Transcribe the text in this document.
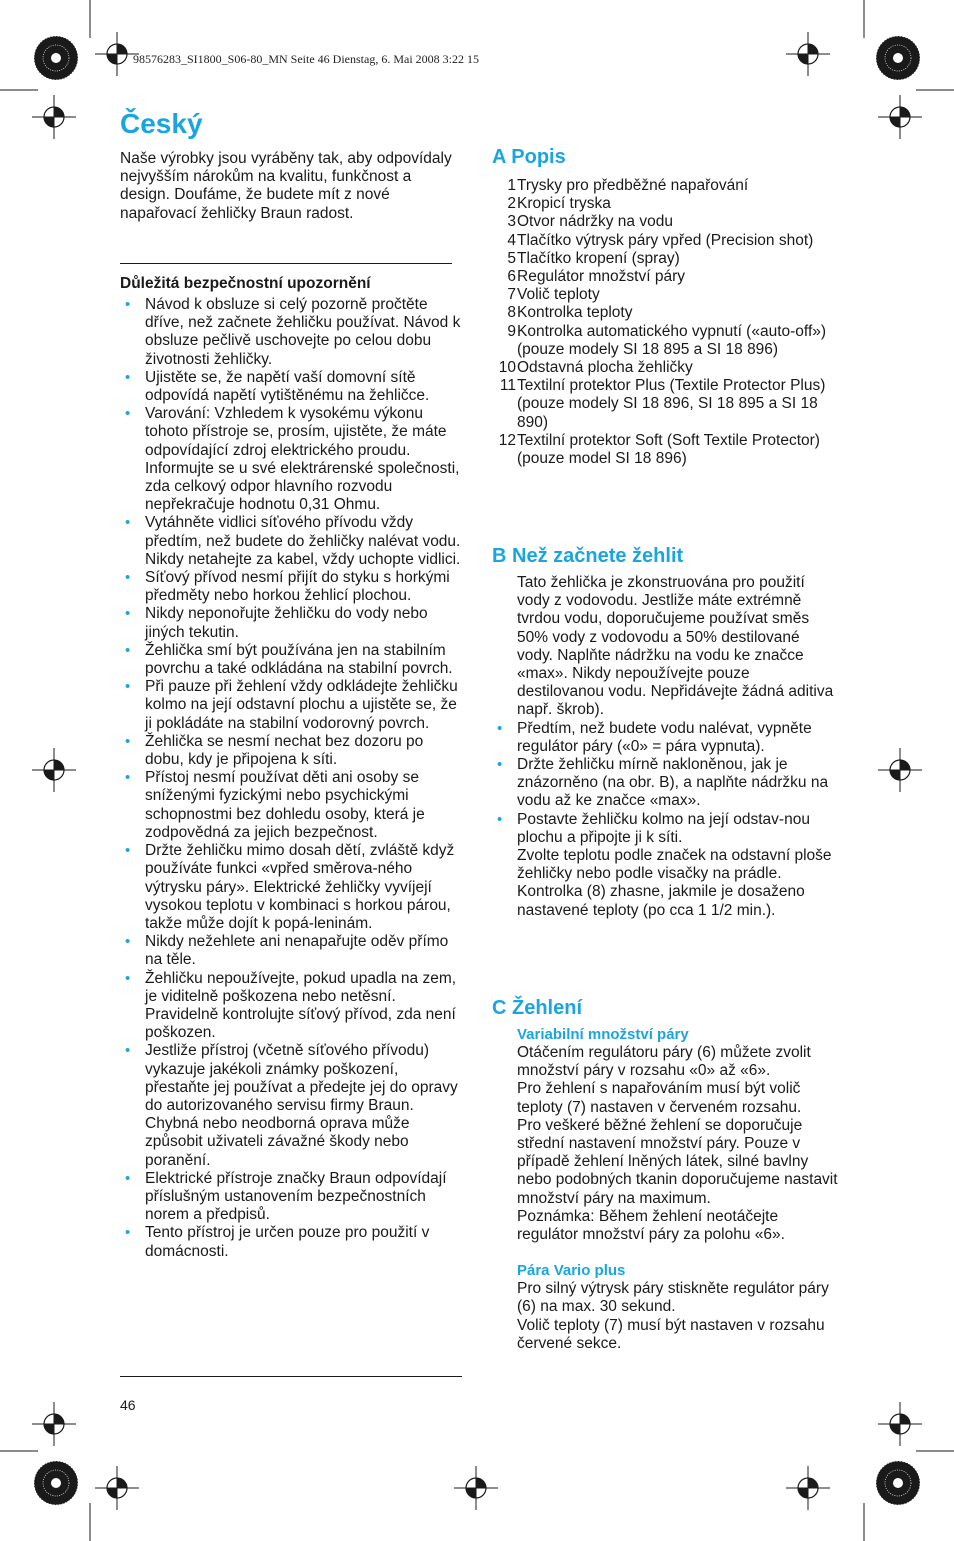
98576283_SI1800_S06-80_MN Seite 46 Dienstag, 6. Mai 2008 3:22 15
Český

Naše výrobky jsou vyráběny tak, aby odpovídaly nejvyšším nárokům na kvalitu, funkčnost a design. Doufáme, že budete mít z nové napařovací žehličky Braun radost.

Důležitá bezpečnostní upozornění
• Návod k obsluze si celý pozorně pročtěte dříve, než začnete žehličku používat. Návod k obsluze pečlivě uschovejte po celou dobu životnosti žehličky.
• Ujistěte se, že napětí vaší domovní sítě odpovídá napětí vytištěnému na žehličce.
• Varování: Vzhledem k vysokému výkonu tohoto přístroje se, prosím, ujistěte, že máte odpovídající zdroj elektrického proudu. Informujte se u své elektrárenské společnosti, zda celkový odpor hlavního rozvodu nepřekračuje hodnotu 0,31 Ohmu.
• Vytáhněte vidlici síťového přívodu vždy předtím, než budete do žehličky nalévat vodu. Nikdy netahejte za kabel, vždy uchopte vidlici.
• Síťový přívod nesmí přijít do styku s horkými předměty nebo horkou žehlicí plochou.
• Nikdy neponořujte žehličku do vody nebo jiných tekutin.
• Žehlička smí být používána jen na stabilním povrchu a také odkládána na stabilní povrch.
• Při pauze při žehlení vždy odkládejte žehličku kolmo na její odstavní plochu a ujistěte se, že ji pokládáte na stabilní vodorovný povrch.
• Žehlička se nesmí nechat bez dozoru po dobu, kdy je připojena k síti.
• Přístoj nesmí používat děti ani osoby se sníženými fyzickými nebo psychickými schopnostmi bez dohledu osoby, která je zodpovědná za jejich bezpečnost.
• Držte žehličku mimo dosah dětí, zvláště když používáte funkci «vpřed směrova-ného výtrysku páry». Elektrické žehličky vyvíjejí vysokou teplotu v kombinaci s horkou párou, takže může dojít k popá-leninám.
• Nikdy nežehlete ani nenapařujte oděv přímo na těle.
• Žehličku nepoužívejte, pokud upadla na zem, je viditelně poškozena nebo netěsní. Pravidelně kontrolujte síťový přívod, zda není poškozen.
• Jestliže přístroj (včetně síťového přívodu) vykazuje jakékoli známky poškození, přestaňte jej používat a předejte jej do opravy do autorizovaného servisu firmy Braun. Chybná nebo neodborná oprava může způsobit uživateli závažné škody nebo poranění.
• Elektrické přístroje značky Braun odpovídají příslušným ustanovením bezpečnostních norem a předpisů.
• Tento přístroj je určen pouze pro použití v domácnosti.
46
A Popis
1 Trysky pro předběžné napařování
2 Kropicí tryska
3 Otvor nádržky na vodu
4 Tlačítko výtrysk páry vpřed (Precision shot)
5 Tlačítko kropení (spray)
6 Regulátor množství páry
7 Volič teploty
8 Kontrolka teploty
9 Kontrolka automatického vypnutí («auto-off») (pouze modely SI 18 895 a SI 18 896)
10 Odstavná plocha žehličky
11 Textilní protektor Plus (Textile Protector Plus) (pouze modely SI 18 896, SI 18 895 a SI 18 890)
12 Textilní protektor Soft (Soft Textile Protector) (pouze model SI 18 896)
B Než začnete žehlit

Tato žehlička je zkonstruována pro použití vody z vodovodu. Jestliže máte extrémně tvrdou vodu, doporučujeme používat směs 50% vody z vodovodu a 50% destilované vody. Naplňte nádržku na vodu ke značce «max». Nikdy nepoužívejte pouze destilovanou vodu. Nepřidávejte žádná aditiva např. škrob).

• Předtím, než budete vodu nalévat, vypněte regulátor páry («0» = pára vypnuta).
• Držte žehličku mírně nakloněnou, jak je znázorněno (na obr. B), a naplňte nádržku na vodu až ke značce «max».
• Postavte žehličku kolmo na její odstav-nou plochu a připojte ji k síti.

Zvolte teplotu podle značek na odstavní ploše žehličky nebo podle visačky na prádle.

Kontrolka (8) zhasne, jakmile je dosaženo nastavené teploty (po cca 1 1/2 min.).

C Žehlení

Variabilní množství páry

Otáčením regulátoru páry (6) můžete zvolit množství páry v rozsahu «0» až «6».

Pro žehlení s napařováním musí být volič teploty (7) nastaven v červeném rozsahu.

Pro veškeré běžné žehlení se doporučuje střední nastavení množství páry. Pouze v případě žehlení lněných látek, silné bavlny nebo podobných tkanin doporučujeme nastavit množství páry na maximum.

Poznámka: Během žehlení neotáčejte regulátor množství páry za polohu «6».

Pára Vario plus

Pro silný výtrysk páry stiskněte regulátor páry (6) na max. 30 sekund.

Volič teploty (7) musí být nastaven v rozsahu červené sekce.
